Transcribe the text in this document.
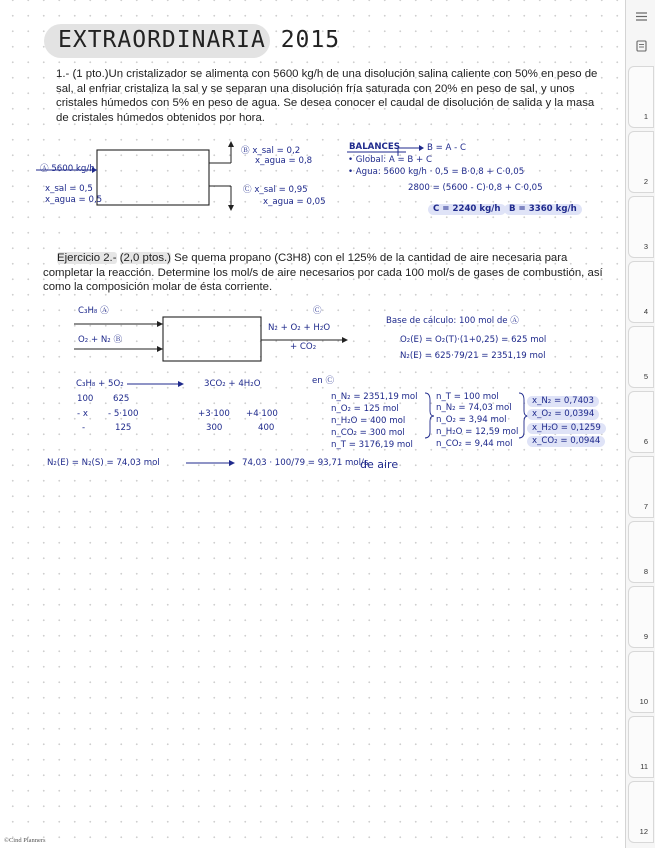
EXTRAORDINARIA 2015
1.- (1 pto.)Un cristalizador se alimenta con 5600 kg/h de una disolución salina caliente con 50% en peso de sal, al enfriar cristaliza la sal y se separan una disolución fría saturada con 20% en peso de sal, y unos cristales húmedos con 5% en peso de agua. Se desea conocer el caudal de disolución de salida y la masa de cristales húmedos obtenidos por hora.
Ⓐ 5600 kg/h
x_sal = 0,5
x_agua = 0,5
Ⓑ x_sal = 0,2
x_agua = 0,8
Ⓒ x_sal = 0,95
x_agua = 0,05
BALANCES	B = A - C
• Global: A = B + C
• Agua: 5600 kg/h · 0,5 = B·0,8 + C·0,05
2800 = (5600 - C)·0,8 + C·0,05
C = 2240 kg/h B = 3360 kg/h
Ejercicio 2.- (2,0 ptos.) Se quema propano (C3H8) con el 125% de la cantidad de aire necesaria para completar la reacción. Determine los mol/s de aire necesarios por cada 100 mol/s de gases de combustión, así como la composición molar de ésta corriente.
C₃H₈ Ⓐ
O₂ + N₂ Ⓑ
Ⓒ
N₂ + O₂ + H₂O
+ CO₂
Base de cálculo: 100 mol de Ⓐ
O₂(E) = O₂(T)·(1+0,25) = 625 mol
N₂(E) = 625·79/21 = 2351,19 mol
C₃H₈ + 5O₂	3CO₂ + 4H₂O
100 625
- x - 5·100	+3·100 +4·100
-	125	300	400
en Ⓒ
n_N₂ = 2351,19 mol
n_O₂ = 125 mol
n_H₂O = 400 mol
n_CO₂ = 300 mol
n_T = 3176,19 mol
n_T = 100 mol
n_N₂ = 74,03 mol
n_O₂ = 3,94 mol
n_H₂O = 12,59 mol
n_CO₂ = 9,44 mol
x_N₂ = 0,7403
x_O₂ = 0,0394
x_H₂O = 0,1259
x_CO₂ = 0,0944
N₂(E) = N₂(S) = 74,03 mol	74,03 · 100/79 = 93,71 mol/s
de aire
©Cind Planners
1
2
3
4
5
6
7
8
9
10
11
12
